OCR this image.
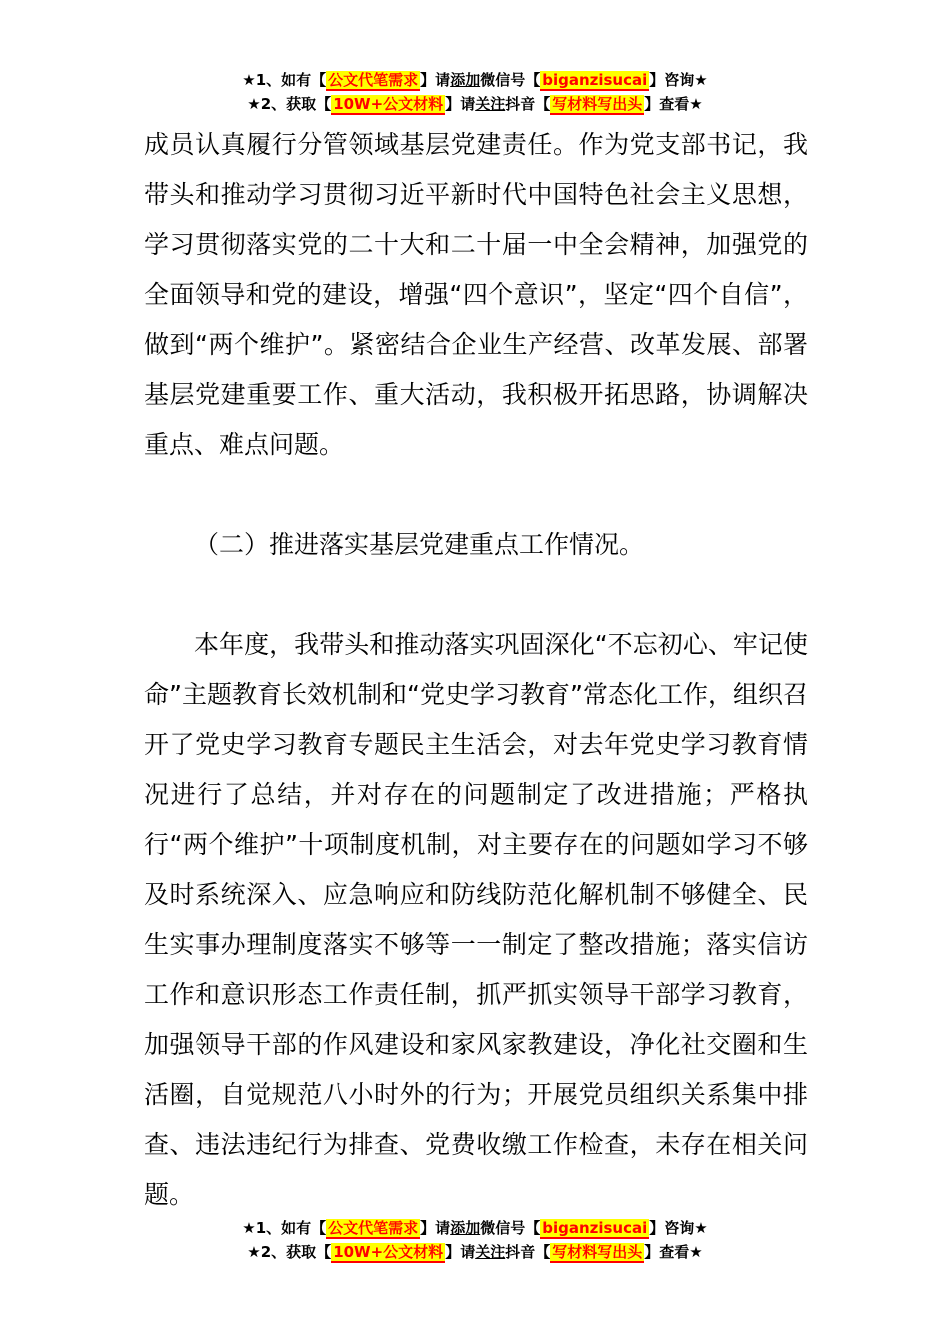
★1、如有【 公文代笔需求 】请添加微信号【 biganzisucai 】咨询★
★2、获取【 10W+公文材料 】请关注抖音【 写材料写出头 】查看★

成员认真履行分管领域基层党建责任。作为党支部书记，我带头和推动学习贯彻习近平新时代中国特色社会主义思想，学习贯彻落实党的二十大和二十届一中全会精神，加强党的全面领导和党的建设，增强“四个意识”，坚定“四个自信”，做到“两个维护”。紧密结合企业生产经营、改革发展、部署基层党建重要工作、重大活动，我积极开拓思路，协调解决重点、难点问题。

（二）推进落实基层党建重点工作情况。

本年度，我带头和推动落实巩固深化“不忘初心、牢记使命”主题教育长效机制和“党史学习教育”常态化工作，组织召开了党史学习教育专题民主生活会，对去年党史学习教育情况进行了总结，并对存在的问题制定了改进措施；严格执行“两个维护”十项制度机制，对主要存在的问题如学习不够及时系统深入、应急响应和防线防范化解机制不够健全、民生实事办理制度落实不够等一一制定了整改措施；落实信访工作和意识形态工作责任制，抓严抓实领导干部学习教育，加强领导干部的作风建设和家风家教建设，净化社交圈和生活圈，自觉规范八小时外的行为；开展党员组织关系集中排查、违法违纪行为排查、党费收缴工作检查，未存在相关问题。

★1、如有【 公文代笔需求 】请添加微信号【 biganzisucai 】咨询★
★2、获取【 10W+公文材料 】请关注抖音【 写材料写出头 】查看★
